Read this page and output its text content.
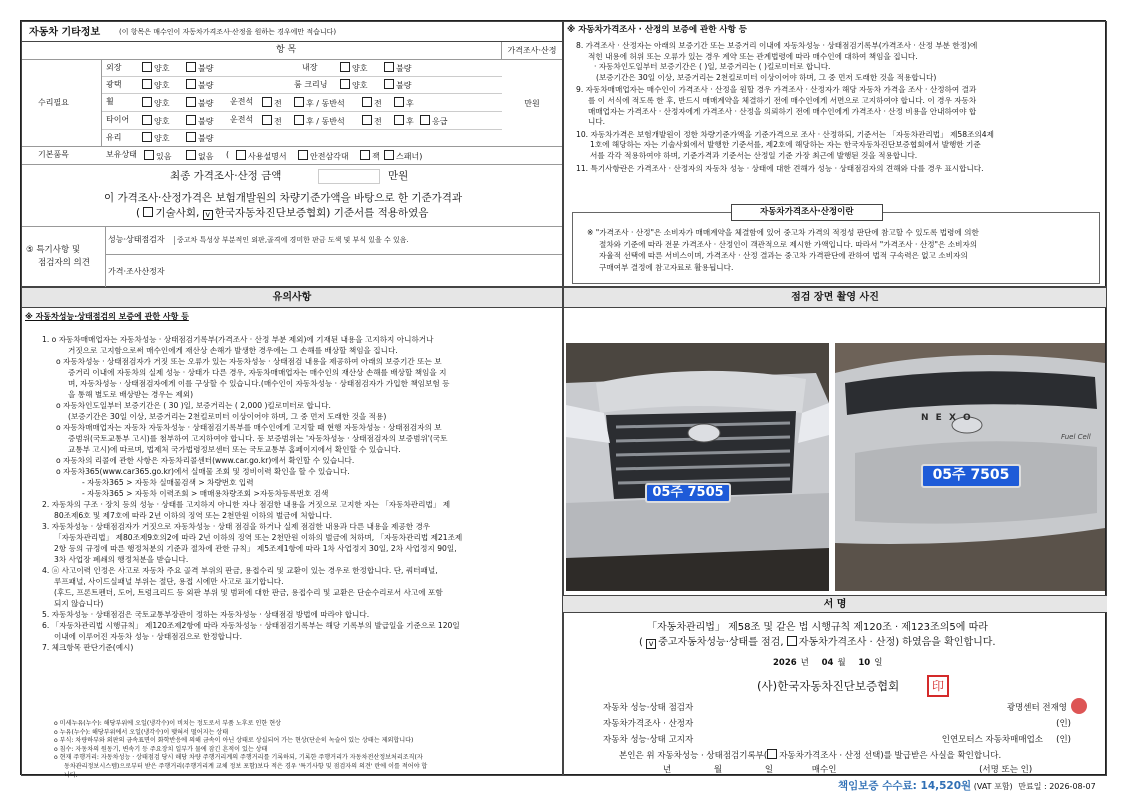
자동차 기타정보	(이 항목은 매수인이 자동차가격조사·산정을 원하는 경우에만 적습니다)
항 목	가격조사·산정
수리필요	만원
외장	양호	불량	내장	양호	불량
광택	양호	불량	룸 크리닝	양호	불량
휠	양호	불량 운전석	전	후 / 동반석	전	후
타이어	양호	불량 운전석	전	후 / 동반석	전	후	응급
유리	양호	불량
기본품목	보유상태	있음	없음 (	사용설명서	안전삼각대	잭	스패너)
최종 가격조사·산정 금액	만원
이 가격조사·산정가격은 보험개발원의 차량기준가액을 바탕으로 한 기준가격과
( 기술사회, v 한국자동차진단보증협회) 기준서를 적용하였음
⑤ 특기사항 및
점검자의 의견
성능·상태점검자	중고차 특성상 부분적인 외판,골격에 경미한 판금 도색 및 부식 있을 수 있음.
가격·조사산정자
※ 자동차가격조사 · 산정의 보증에 관한 사항 등
8. 가격조사 · 산정자는 아래의 보증기간 또는 보증거리 이내에 자동차성능 · 상태점검기록부(가격조사 · 산정 부분 한정)에
적힌 내용에 허위 또는 오류가 있는 경우 계약 또는 관계법령에 따라 매수인에 대하여 책임을 집니다.
· 자동차인도일부터 보증기간은 ( )일, 보증거리는 ( )킬로미터로 합니다.
(보증기간은 30일 이상, 보증거리는 2천킬로미터 이상이어야 하며, 그 중 먼저 도래한 것을 적용합니다)
9. 자동차매매업자는 매수인이 가격조사 · 산정을 원할 경우 가격조사 · 산정자가 해당 자동차 가격을 조사 · 산정하여 결과
를 이 서식에 적도록 한 후, 반드시 매매계약을 체결하기 전에 매수인에게 서면으로 고지하여야 합니다. 이 경우 자동차
매매업자는 가격조사 · 산정자에게 가격조사 · 산정을 의뢰하기 전에 매수인에게 가격조사 · 산정 비용을 안내하여야 합
니다.
10. 자동차가격은 보험개발원이 정한 차량기준가액을 기준가격으로 조사 · 산정하되, 기준서는 「자동차관리법」 제58조의4제
1호에 해당하는 자는 기술사회에서 발행한 기준서를, 제2호에 해당하는 자는 한국자동차진단보증협회에서 발행한 기준
서를 각각 적용하여야 하며, 기준가격과 기준서는 산정일 기준 가장 최근에 발행된 것을 적용합니다.
11. 특기사항란은 가격조사 · 산정자의 자동차 성능 · 상태에 대한 견해가 성능 · 상태점검자의 견해와 다를 경우 표시합니다.
자동차가격조사·산정이란
※ "가격조사 · 산정"은 소비자가 매매계약을 체결함에 있어 중고차 가격의 적정성 판단에 참고할 수 있도록 법령에 의한
절차와 기준에 따라 전문 가격조사 · 산정인이 객관적으로 제시한 가액입니다. 따라서 "가격조사 · 산정"은 소비자의
자율적 선택에 따른 서비스이며, 가격조사 · 산정 결과는 중고차 가격판단에 관하여 법적 구속력은 없고 소비자의
구매여부 결정에 참고자료로 활용됩니다.
유의사항
※ 자동차성능·상태점검의 보증에 관한 사항 등
1. o 자동차매매업자는 자동차성능 · 상태점검기록부(가격조사 · 산정 부분 제외)에 기재된 내용을 고지하지 아니하거나
거짓으로 고지함으로써 매수인에게 재산상 손해가 발생한 경우에는 그 손해를 배상할 책임을 집니다.
o 자동차성능 · 상태점검자가 거짓 또는 오류가 있는 자동차성능 · 상태점검 내용을 제공하여 아래의 보증기간 또는 보
증거리 이내에 자동차의 실제 성능 · 상태가 다른 경우, 자동차매매업자는 매수인의 재산상 손해를 배상할 책임을 지
며, 자동차성능 · 상태점검자에게 이를 구상할 수 있습니다.(매수인이 자동차성능 · 상태점검자가 가입한 책임보험 등
을 통해 별도로 배상받는 경우는 제외)
o 자동차인도일부터 보증기간은 ( 30 )일, 보증거리는 ( 2,000 )킬로미터로 합니다.
(보증기간은 30일 이상, 보증거리는 2천킬로미터 이상이어야 하며, 그 중 먼저 도래한 것을 적용)
o 자동차매매업자는 자동차 자동차성능 · 상태점검기록부를 매수인에게 고지할 때 현행 자동차성능 · 상태점검자의 보
증범위(국토교통부 고시)를 첨부하여 고지하여야 합니다. 동 보증범위는 '자동차성능 · 상태점검자의 보증범위'(국토
교통부 고시)에 따르며, 법제처 국가법령정보센터 또는 국토교통부 홈페이지에서 확인할 수 있습니다.
o 자동차의 리콜에 관한 사항은 자동차리콜센터(www.car.go.kr)에서 확인할 수 있습니다.
o 자동차365(www.car365.go.kr)에서 실매물 조회 및 정비이력 확인을 할 수 있습니다.
- 자동차365 > 자동차 실매물검색 > 차량번호 입력
- 자동차365 > 자동차 이력조회 > 매매용차량조회 >자동차등록번호 검색
2. 자동차의 구조 · 장치 등의 성능 · 상태를 고지하지 아니한 자나 점검한 내용을 거짓으로 고지한 자는 「자동차관리법」 제
80조제6호 및 제7호에 따라 2년 이하의 징역 또는 2천만원 이하의 벌금에 처합니다.
3. 자동차성능 · 상태점검자가 거짓으로 자동차성능 · 상태 점검을 하거나 실제 점검한 내용과 다른 내용을 제공한 경우
「자동차관리법」 제80조제9호의2에 따라 2년 이하의 징역 또는 2천만원 이하의 벌금에 처하며, 「자동차관리법 제21조제
2항 등의 규정에 따른 행정처분의 기준과 절차에 관한 규칙」 제5조제1항에 따라 1차 사업정지 30일, 2차 사업정지 90일,
3차 사업장 폐쇄의 행정처분을 받습니다.
4. ⓐ 사고이력 인정은 사고로 자동차 주요 골격 부위의 판금, 용접수리 및 교환이 있는 경우로 한정합니다. 단, 쿼터패널,
루프패널, 사이드실패널 부위는 절단, 용접 시에만 사고로 표기합니다.
(후드, 프론트펜더, 도어, 트렁크리드 등 외판 부위 및 범퍼에 대한 판금, 용접수리 및 교환은 단순수리로서 사고에 포함
되지 않습니다)
5. 자동차성능 · 상태점검은 국토교통부장관이 정하는 자동차성능 · 상태점검 방법에 따라야 합니다.
6. 「자동차관리법 시행규칙」 제120조제2항에 따라 자동차성능 · 상태점검기록부는 해당 기록부의 발급일을 기준으로 120일
이내에 이루어진 자동차 성능 · 상태점검으로 한정합니다.
7. 체크항목 판단기준(예시)
o 미세누유(누수): 해당부위에 오일(냉각수)이 비치는 정도로서 부품 노후로 인한 현상
o 누유(누수): 해당부위에서 오일(냉각수)이 맺혀서 떨어지는 상태
o 부식: 차량하부와 외판의 금속표면이 화학반응에 의해 금속이 아닌 상태로 상실되어 가는 현상(단순히 녹슬어 있는 상태는 제외합니다)
o 침수: 자동차의 원동기, 변속기 등 주요장치 일부가 물에 잠긴 흔적이 있는 상태
o 현재 주행거리: 자동차성능 · 상태점검 당시 해당 차량 주행거리계의 주행거리를 기록하되, 기록한 주행거리가 자동차전산정보처리조직(자
동차관리정보시스템)으로부터 받은 주행거리(주행거리계 교체 정보 포함)보다 적은 경우 '특기사항 및 점검자의 의견' 란에 이를 적어야 합
니다.
점검 장면 촬영 사진
05주 7505
N E X O
Fuel Cell
05주 7505
서 명
「자동차관리법」 제58조 및 같은 법 시행규칙 제120조 · 제123조의5에 따라
( v 중고자동차성능·상태를 점검, 자동차가격조사 · 산정) 하였음을 확인합니다.
2026 년 04 월 10 일
(사)한국자동차진단보증협회	印
자동차 성능·상태 점검자	광명센터 전재영
자동차가격조사 · 산정자	(인)
자동차 성능·상태 고지자	인연모터스 자동차매매업소 (인)
본인은 위 자동차성능 · 상태점검기록부( 자동차가격조사 · 산정 선택)를 발급받은 사실을 확인합니다.
년	월	일	매수인	(서명 또는 인)
책임보증 수수료: 14,520원 (VAT 포함) 만료일 : 2026-08-07
